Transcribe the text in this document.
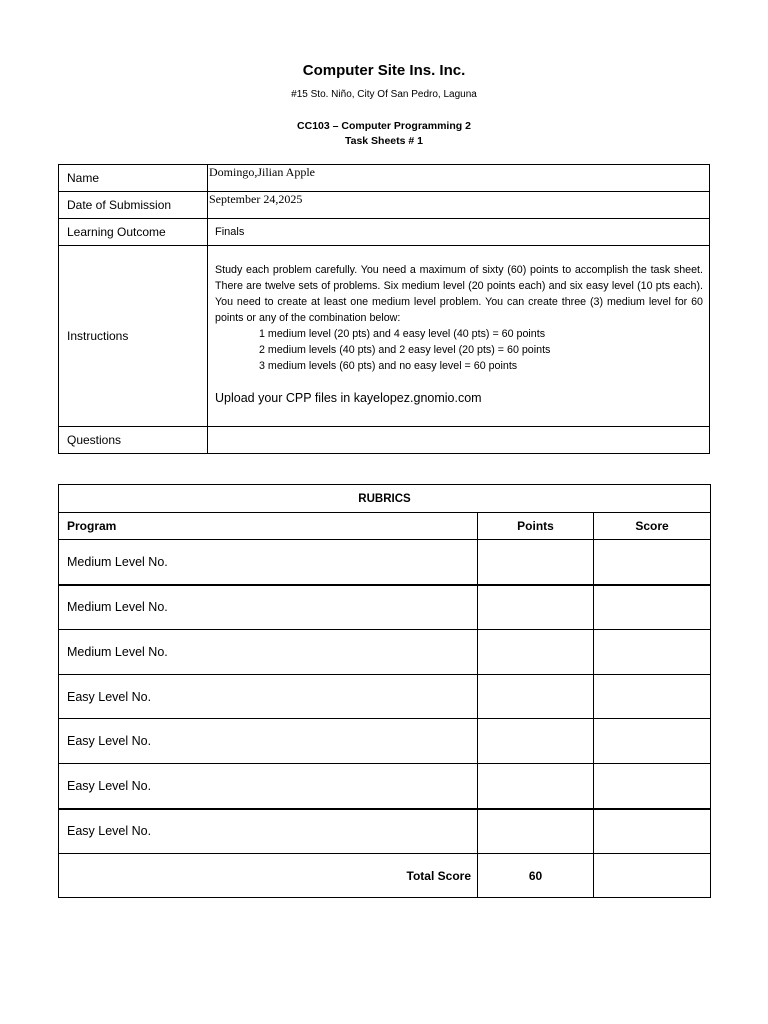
Computer Site Ins. Inc.
#15 Sto. Niño, City Of San Pedro, Laguna
CC103 – Computer Programming 2
Task Sheets # 1
Name	Domingo,Jilian Apple
Date of Submission	September 24,2025
Learning Outcome	Finals
Instructions	Study each problem carefully. You need a maximum of sixty (60) points to accomplish the task sheet. There are twelve sets of problems. Six medium level (20 points each) and six easy level (10 pts each). You need to create at least one medium level problem. You can create three (3) medium level for 60 points or any of the combination below:
1 medium level (20 pts) and 4 easy level (40 pts) = 60 points
2 medium levels (40 pts) and 2 easy level (20 pts) = 60 points
3 medium levels (60 pts) and no easy level = 60 points
Upload your CPP files in kayelopez.gnomio.com

Questions	
RUBRICS		
Program	Points	Score
Medium Level No.		
Medium Level No.		
Medium Level No.		
Easy Level No.		
Easy Level No.		
Easy Level No.		
Easy Level No.		
Total Score	60	
